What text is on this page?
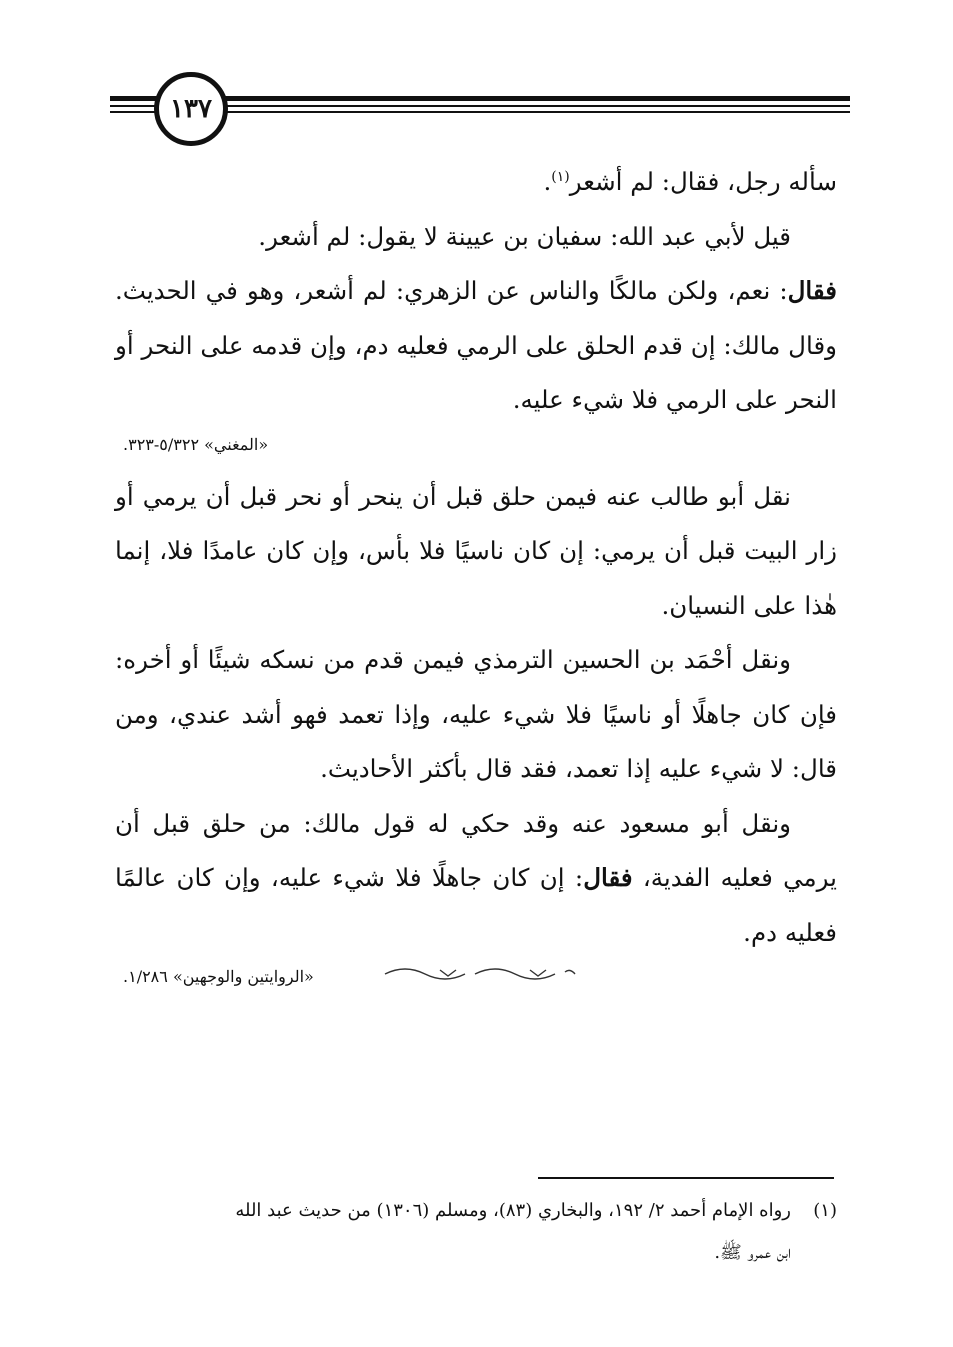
١٣٧

سأله رجل، فقال: لم أشعر$^{(١)}$.

قيل لأبي عبد الله: سفيان بن عيينة لا يقول: لم أشعر.

فقال: نعم، ولكن مالكًا والناس عن الزهري: لم أشعر، وهو في الحديث. وقال مالك: إن قدم الحلق على الرمي فعليه دم، وإن قدمه على النحر أو النحر على الرمي فلا شيء عليه.

«المغني» ٥/٣٢٢-٣٢٣.

نقل أبو طالب عنه فيمن حلق قبل أن ينحر أو نحر قبل أن يرمي أو زار البيت قبل أن يرمي: إن كان ناسيًا فلا بأس، وإن كان عامدًا فلا، إنما هٰذا على النسيان.

ونقل أحْمَد بن الحسين الترمذي فيمن قدم من نسكه شيئًا أو أخره: فإن كان جاهلًا أو ناسيًا فلا شيء عليه، وإذا تعمد فهو أشد عندي، ومن قال: لا شيء عليه إذا تعمد، فقد قال بأكثر الأحاديث.

ونقل أبو مسعود عنه وقد حكي له قول مالك: من حلق قبل أن يرمي فعليه الفدية، فقال: إن كان جاهلًا فلا شيء عليه، وإن كان عالمًا فعليه دم.

«الروايتين والوجهين» ١/٢٨٦.
(١)رواه الإمام أحمد ٢/ ١٩٢، والبخاري (٨٣)، ومسلم (١٣٠٦) من حديث عبد الله
ابن عمرو ﷺ.
